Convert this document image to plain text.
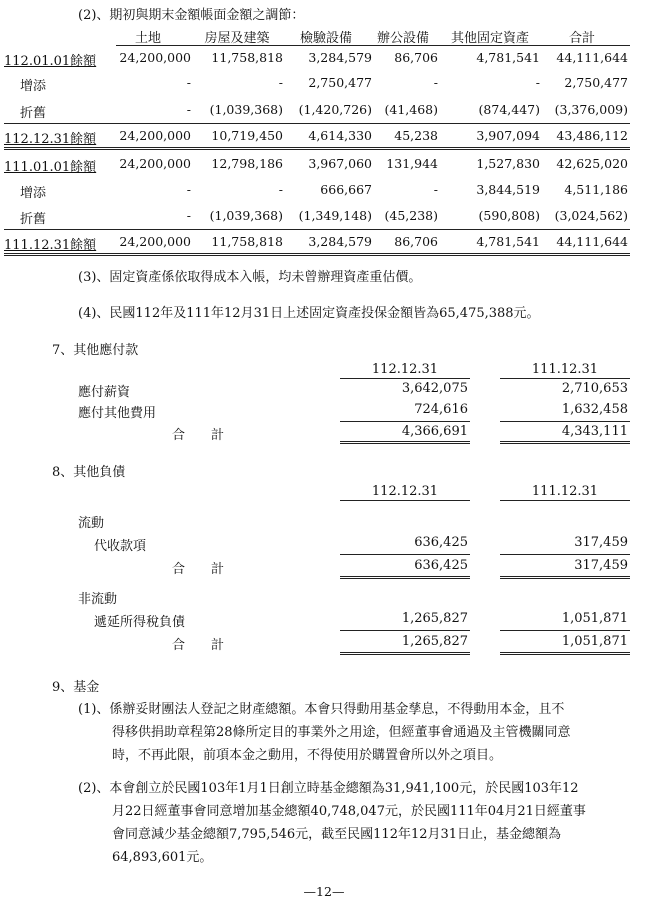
(2)、期初與期末金額帳面金額之調節：
土地	房屋及建築	檢驗設備	辦公設備	其他固定資產	合計
112.01.01餘額	24,200,000	11,758,818	3,284,579	86,706	4,781,541	44,111,644
增添	-	-	2,750,477	-	-	2,750,477
折舊	-	(1,039,368)	(1,420,726)	(41,468)	(874,447)	(3,376,009)
112.12.31餘額	24,200,000	10,719,450	4,614,330	45,238	3,907,094	43,486,112
111.01.01餘額	24,200,000	12,798,186	3,967,060	131,944	1,527,830	42,625,020
增添	-	-	666,667	-	3,844,519	4,511,186
折舊	-	(1,039,368)	(1,349,148)	(45,238)	(590,808)	(3,024,562)
111.12.31餘額	24,200,000	11,758,818	3,284,579	86,706	4,781,541	44,111,644
(3)、固定資產係依取得成本入帳，均未曾辦理資產重估價。
(4)、民國112年及111年12月31日上述固定資產投保金額皆為65,475,388元。
7、其他應付款
112.12.31	111.12.31
應付薪資	3,642,075	2,710,653
應付其他費用	724,616	1,632,458
合　　計	4,366,691	4,343,111
8、其他負債
112.12.31	111.12.31
流動
代收款項	636,425	317,459
合　　計	636,425	317,459
非流動
遞延所得稅負債	1,265,827	1,051,871
合　　計	1,265,827	1,051,871
9、基金
(1)、係辦妥財團法人登記之財產總額。本會只得動用基金孳息，不得動用本金，且不
得移供捐助章程第28條所定目的事業外之用途，但經董事會通過及主管機關同意
時，不再此限，前項本金之動用，不得使用於購置會所以外之項目。
(2)、本會創立於民國103年1月1日創立時基金總額為31,941,100元，於民國103年12
月22日經董事會同意增加基金總額40,748,047元，於民國111年04月21日經董事
會同意減少基金總額7,795,546元，截至民國112年12月31日止，基金總額為
64,893,601元。
—12—
